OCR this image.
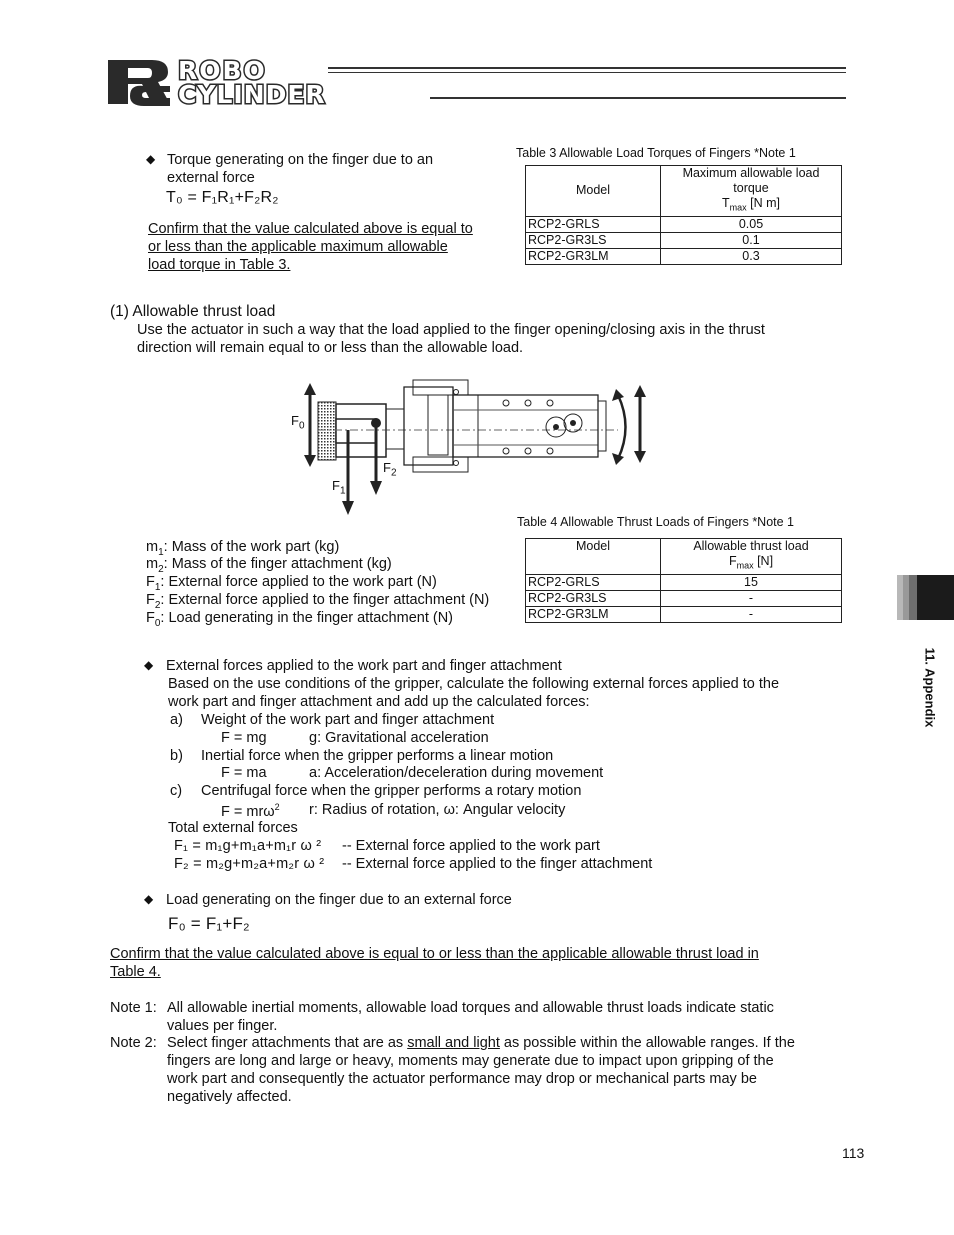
ROBO
CYLINDER
◆ Torque generating on the finger due to an
external force
T₀ = F₁R₁+F₂R₂
Confirm that the value calculated above is equal to
or less than the applicable maximum allowable
load torque in Table 3.
Table 3 Allowable Load Torques of Fingers *Note 1
Model	Maximum allowable load
torque
$T_{max}$ [N m]

RCP2-GRLS	0.05
RCP2-GR3LS	0.1
RCP2-GR3LM	0.3
(1) Allowable thrust load
Use the actuator in such a way that the load applied to the finger opening/closing axis in the thrust
direction will remain equal to or less than the allowable load.
$F_0$
$F_1$
$F_2$
Table 4 Allowable Thrust Loads of Fingers *Note 1
Model	Allowable thrust load
$F_{max}$ [N]

RCP2-GRLS	15
RCP2-GR3LS	-
RCP2-GR3LM	-
$m_1$: Mass of the work part (kg)
$m_2$: Mass of the finger attachment (kg)
$F_1$: External force applied to the work part (N)
$F_2$: External force applied to the finger attachment (N)
$F_0$: Load generating in the finger attachment (N)
◆ External forces applied to the work part and finger attachment
Based on the use conditions of the gripper, calculate the following external forces applied to the
work part and finger attachment and add up the calculated forces:
a) Weight of the work part and finger attachment
F = mg	g: Gravitational acceleration
b) Inertial force when the gripper performs a linear motion
F = ma	a: Acceleration/deceleration during movement
c) Centrifugal force when the gripper performs a rotary motion
F = mrω$^2$ r: Radius of rotation, ω: Angular velocity
Total external forces
F₁ = m₁g+m₁a+m₁r ω ² -- External force applied to the work part
F₂ = m₂g+m₂a+m₂r ω ² -- External force applied to the finger attachment
◆ Load generating on the finger due to an external force
F₀ = F₁+F₂
Confirm that the value calculated above is equal to or less than the applicable allowable thrust load in
Table 4.
Note 1: All allowable inertial moments, allowable load torques and allowable thrust loads indicate static
values per finger.
Note 2: Select finger attachments that are as small and light as possible within the allowable ranges. If the
fingers are long and large or heavy, moments may generate due to impact upon gripping of the
work part and consequently the actuator performance may drop or mechanical parts may be
negatively affected.
11. Appendix
113
